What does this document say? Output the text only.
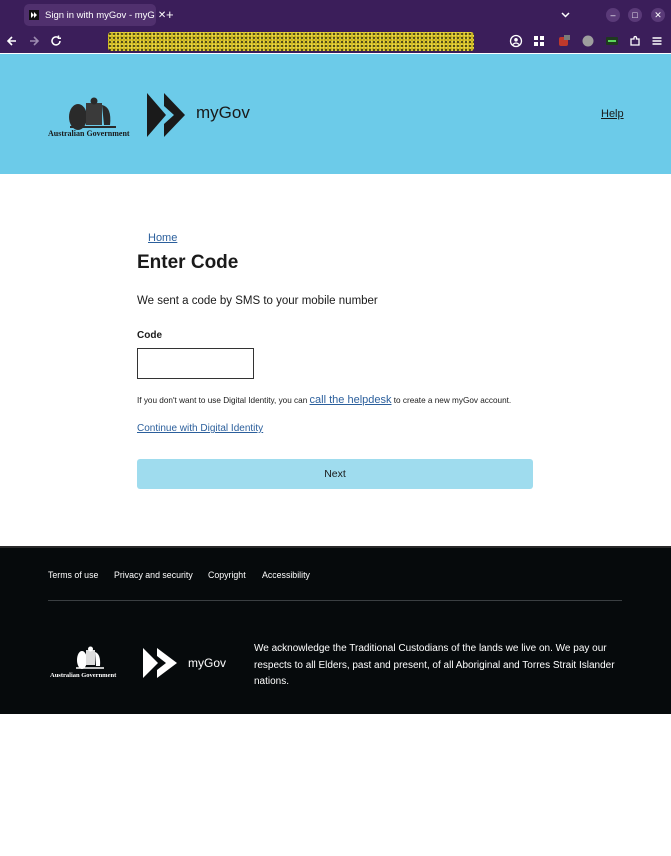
Sign in with myGov - myG ✕ +	–	□	✕
Australian Government
myGov	Help
Home
Enter Code

We sent a code by SMS to your mobile number

Code

If you don't want to use Digital Identity, you can call the helpdesk to create a new myGov account.

Continue with Digital Identity
Next
Terms of use Privacy and security Copyright Accessibility
Australian Government
myGov

We acknowledge the Traditional Custodians of the lands we live on. We pay our respects to all Elders, past and present, of all Aboriginal and Torres Strait Islander nations.
